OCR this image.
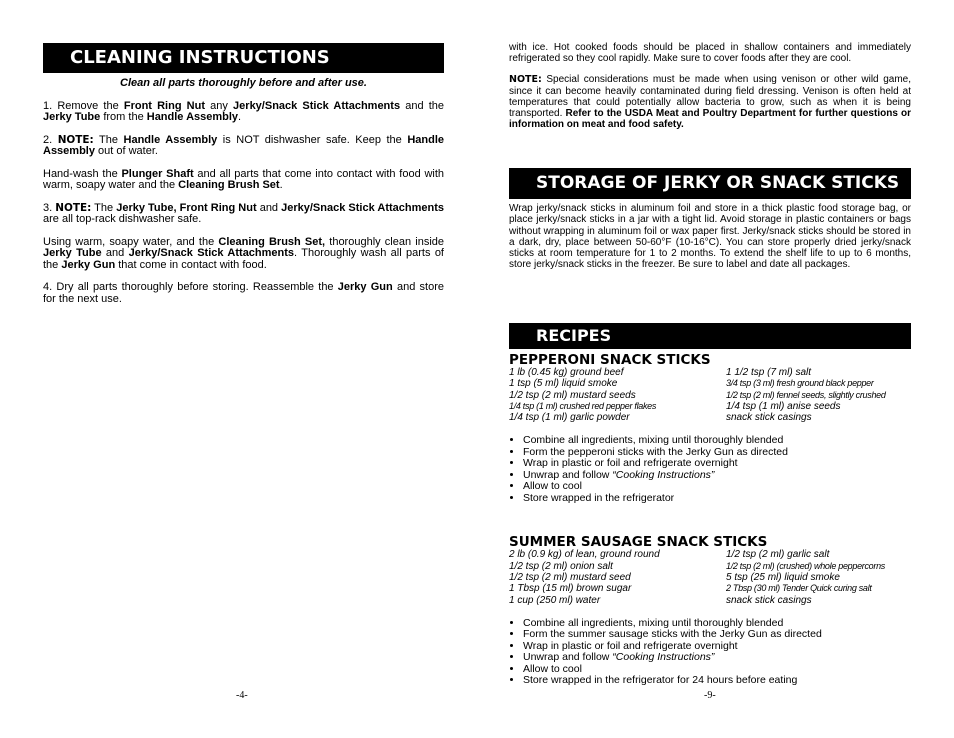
CLEANING INSTRUCTIONS

Clean all parts thoroughly before and after use.

1. Remove the Front Ring Nut any Jerky/Snack Stick Attachments and the Jerky Tube from the Handle Assembly.

2. NOTE: The Handle Assembly is NOT dishwasher safe. Keep the Handle Assembly out of water.

Hand-wash the Plunger Shaft and all parts that come into contact with food with warm, soapy water and the Cleaning Brush Set.

3. NOTE: The Jerky Tube, Front Ring Nut and Jerky/Snack Stick Attachments are all top-rack dishwasher safe.

Using warm, soapy water, and the Cleaning Brush Set, thoroughly clean inside Jerky Tube and Jerky/Snack Stick Attachments. Thoroughly wash all parts of the Jerky Gun that come in contact with food.

4. Dry all parts thoroughly before storing. Reassemble the Jerky Gun and store for the next use.

-4-

with ice. Hot cooked foods should be placed in shallow containers and immediately refrigerated so they cool rapidly. Make sure to cover foods after they are cool.

NOTE: Special considerations must be made when using venison or other wild game, since it can become heavily contaminated during field dressing. Venison is often held at temperatures that could potentially allow bacteria to grow, such as when it is being transported. Refer to the USDA Meat and Poultry Department for further questions or information on meat and food safety.

STORAGE OF JERKY OR SNACK STICKS

Wrap jerky/snack sticks in aluminum foil and store in a thick plastic food storage bag, or place jerky/snack sticks in a jar with a tight lid. Avoid storage in plastic containers or bags without wrapping in aluminum foil or wax paper first. Jerky/snack sticks should be stored in a dark, dry, place between 50-60°F (10-16°C). You can store properly dried jerky/snack sticks at room temperature for 1 to 2 months. To extend the shelf life to up to 6 months, store jerky/snack sticks in the freezer. Be sure to label and date all packages.

RECIPES
PEPPERONI SNACK STICKS
1 lb (0.45 kg) ground beef	1 1/2 tsp (7 ml) salt
1 tsp (5 ml) liquid smoke	3/4 tsp (3 ml) fresh ground black pepper
1/2 tsp (2 ml) mustard seeds	1/2 tsp (2 ml) fennel seeds, slightly crushed
1/4 tsp (1 ml) crushed red pepper flakes	1/4 tsp (1 ml) anise seeds
1/4 tsp (1 ml) garlic powder	snack stick casings
• Combine all ingredients, mixing until thoroughly blended
• Form the pepperoni sticks with the Jerky Gun as directed
• Wrap in plastic or foil and refrigerate overnight
• Unwrap and follow “Cooking Instructions”
• Allow to cool
• Store wrapped in the refrigerator
SUMMER SAUSAGE SNACK STICKS
2 lb (0.9 kg) of lean, ground round	1/2 tsp (2 ml) garlic salt
1/2 tsp (2 ml) onion salt	1/2 tsp (2 ml) (crushed) whole peppercorns
1/2 tsp (2 ml) mustard seed	5 tsp (25 ml) liquid smoke
1 Tbsp (15 ml) brown sugar	2 Tbsp (30 ml) Tender Quick curing salt
1 cup (250 ml) water	snack stick casings
• Combine all ingredients, mixing until thoroughly blended
• Form the summer sausage sticks with the Jerky Gun as directed
• Wrap in plastic or foil and refrigerate overnight
• Unwrap and follow “Cooking Instructions”
• Allow to cool
• Store wrapped in the refrigerator for 24 hours before eating
-9-
